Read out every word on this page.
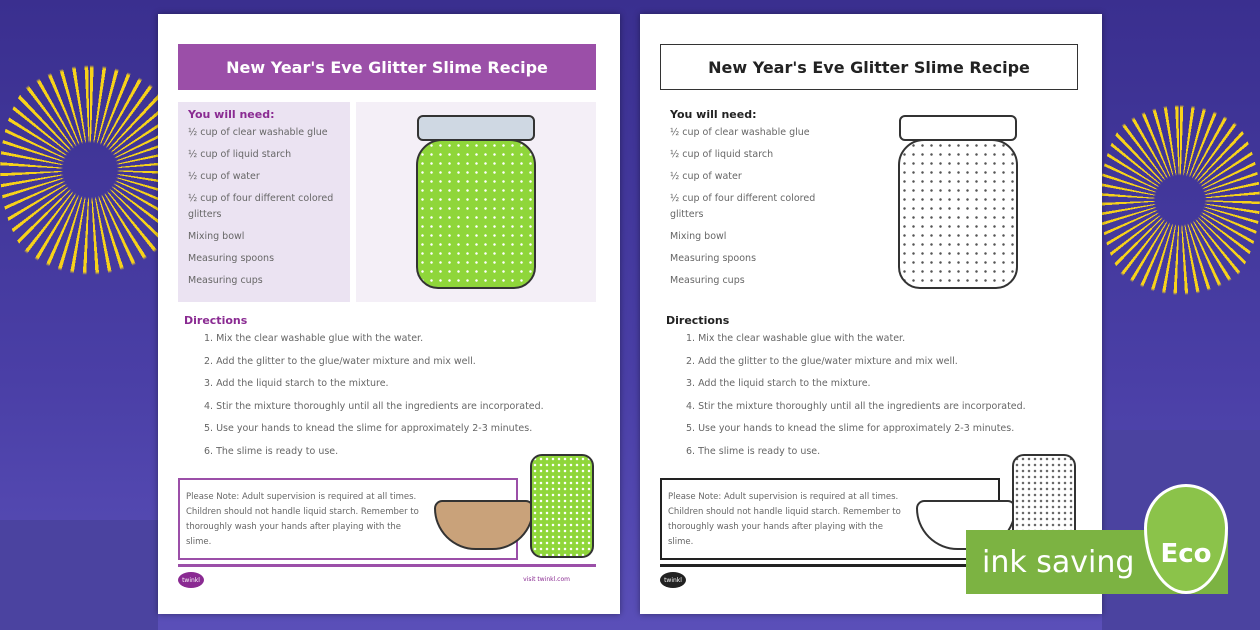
New Year's Eve Glitter Slime Recipe
You will need:
½ cup of clear washable glue
½ cup of liquid starch
½ cup of water
½ cup of four different colored glitters
Mixing bowl
Measuring spoons
Measuring cups
Directions
1. Mix the clear washable glue with the water.
2. Add the glitter to the glue/water mixture and mix well.
3. Add the liquid starch to the mixture.
4. Stir the mixture thoroughly until all the ingredients are incorporated.
5. Use your hands to knead the slime for approximately 2-3 minutes.
6. The slime is ready to use.
Please Note: Adult supervision is required at all times. Children should not handle liquid starch. Remember to thoroughly wash your hands after playing with the slime.
twinkl	visit twinkl.com
New Year's Eve Glitter Slime Recipe
You will need:
½ cup of clear washable glue
½ cup of liquid starch
½ cup of water
½ cup of four different colored glitters
Mixing bowl
Measuring spoons
Measuring cups
Directions
1. Mix the clear washable glue with the water.
2. Add the glitter to the glue/water mixture and mix well.
3. Add the liquid starch to the mixture.
4. Stir the mixture thoroughly until all the ingredients are incorporated.
5. Use your hands to knead the slime for approximately 2-3 minutes.
6. The slime is ready to use.
Please Note: Adult supervision is required at all times. Children should not handle liquid starch. Remember to thoroughly wash your hands after playing with the slime.
twinkl
ink saving	Eco
